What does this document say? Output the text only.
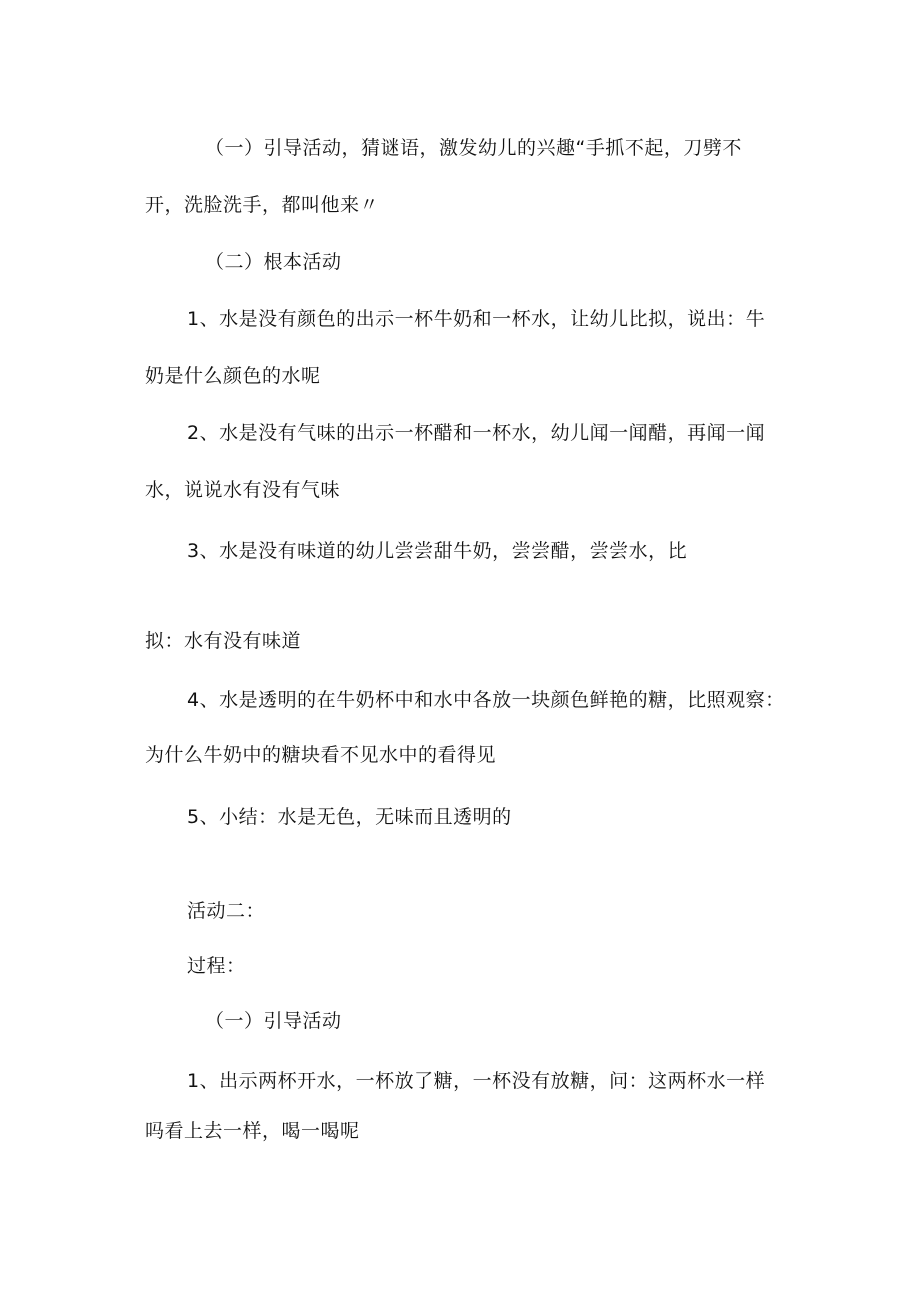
（一）引导活动，猜谜语，激发幼儿的兴趣“手抓不起，刀劈不
开，洗脸洗手，都叫他来〃
（二）根本活动
1、水是没有颜色的出示一杯牛奶和一杯水，让幼儿比拟，说出：牛
奶是什么颜色的水呢
2、水是没有气味的出示一杯醋和一杯水，幼儿闻一闻醋，再闻一闻
水，说说水有没有气味
3、水是没有味道的幼儿尝尝甜牛奶，尝尝醋，尝尝水，比
拟：水有没有味道
4、水是透明的在牛奶杯中和水中各放一块颜色鲜艳的糖，比照观察：
为什么牛奶中的糖块看不见水中的看得见
5、小结：水是无色，无味而且透明的
活动二：
过程：
（一）引导活动
1、出示两杯开水，一杯放了糖，一杯没有放糖，问：这两杯水一样
吗看上去一样，喝一喝呢
